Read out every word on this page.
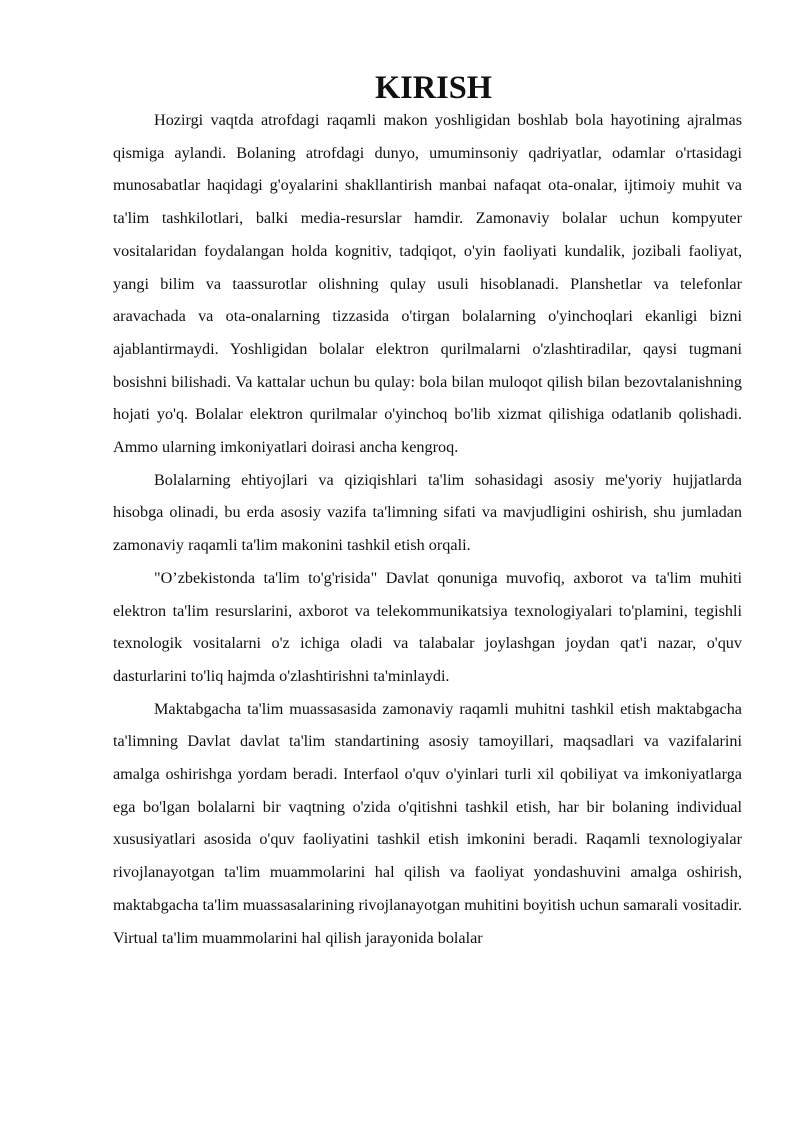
KIRISH

Hozirgi vaqtda atrofdagi raqamli makon yoshligidan boshlab bola hayotining ajralmas qismiga aylandi. Bolaning atrofdagi dunyo, umuminsoniy qadriyatlar, odamlar o'rtasidagi munosabatlar haqidagi g'oyalarini shakllantirish manbai nafaqat ota-onalar, ijtimoiy muhit va ta'lim tashkilotlari, balki media-resurslar hamdir. Zamonaviy bolalar uchun kompyuter vositalaridan foydalangan holda kognitiv, tadqiqot, o'yin faoliyati kundalik, jozibali faoliyat, yangi bilim va taassurotlar olishning qulay usuli hisoblanadi. Planshetlar va telefonlar aravachada va ota-onalarning tizzasida o'tirgan bolalarning o'yinchoqlari ekanligi bizni ajablantirmaydi. Yoshligidan bolalar elektron qurilmalarni o'zlashtiradilar, qaysi tugmani bosishni bilishadi. Va kattalar uchun bu qulay: bola bilan muloqot qilish bilan bezovtalanishning hojati yo'q. Bolalar elektron qurilmalar o'yinchoq bo'lib xizmat qilishiga odatlanib qolishadi. Ammo ularning imkoniyatlari doirasi ancha kengroq.

Bolalarning ehtiyojlari va qiziqishlari ta'lim sohasidagi asosiy me'yoriy hujjatlarda hisobga olinadi, bu erda asosiy vazifa ta'limning sifati va mavjudligini oshirish, shu jumladan zamonaviy raqamli ta'lim makonini tashkil etish orqali.

"O’zbekistonda ta'lim to'g'risida" Davlat qonuniga muvofiq, axborot va ta'lim muhiti elektron ta'lim resurslarini, axborot va telekommunikatsiya texnologiyalari to'plamini, tegishli texnologik vositalarni o'z ichiga oladi va talabalar joylashgan joydan qat'i nazar, o'quv dasturlarini to'liq hajmda o'zlashtirishni ta'minlaydi.

Maktabgacha ta'lim muassasasida zamonaviy raqamli muhitni tashkil etish maktabgacha ta'limning Davlat davlat ta'lim standartining asosiy tamoyillari, maqsadlari va vazifalarini amalga oshirishga yordam beradi. Interfaol o'quv o'yinlari turli xil qobiliyat va imkoniyatlarga ega bo'lgan bolalarni bir vaqtning o'zida o'qitishni tashkil etish, har bir bolaning individual xususiyatlari asosida o'quv faoliyatini tashkil etish imkonini beradi. Raqamli texnologiyalar rivojlanayotgan ta'lim muammolarini hal qilish va faoliyat yondashuvini amalga oshirish, maktabgacha ta'lim muassasalarining rivojlanayotgan muhitini boyitish uchun samarali vositadir. Virtual ta'lim muammolarini hal qilish jarayonida bolalar
